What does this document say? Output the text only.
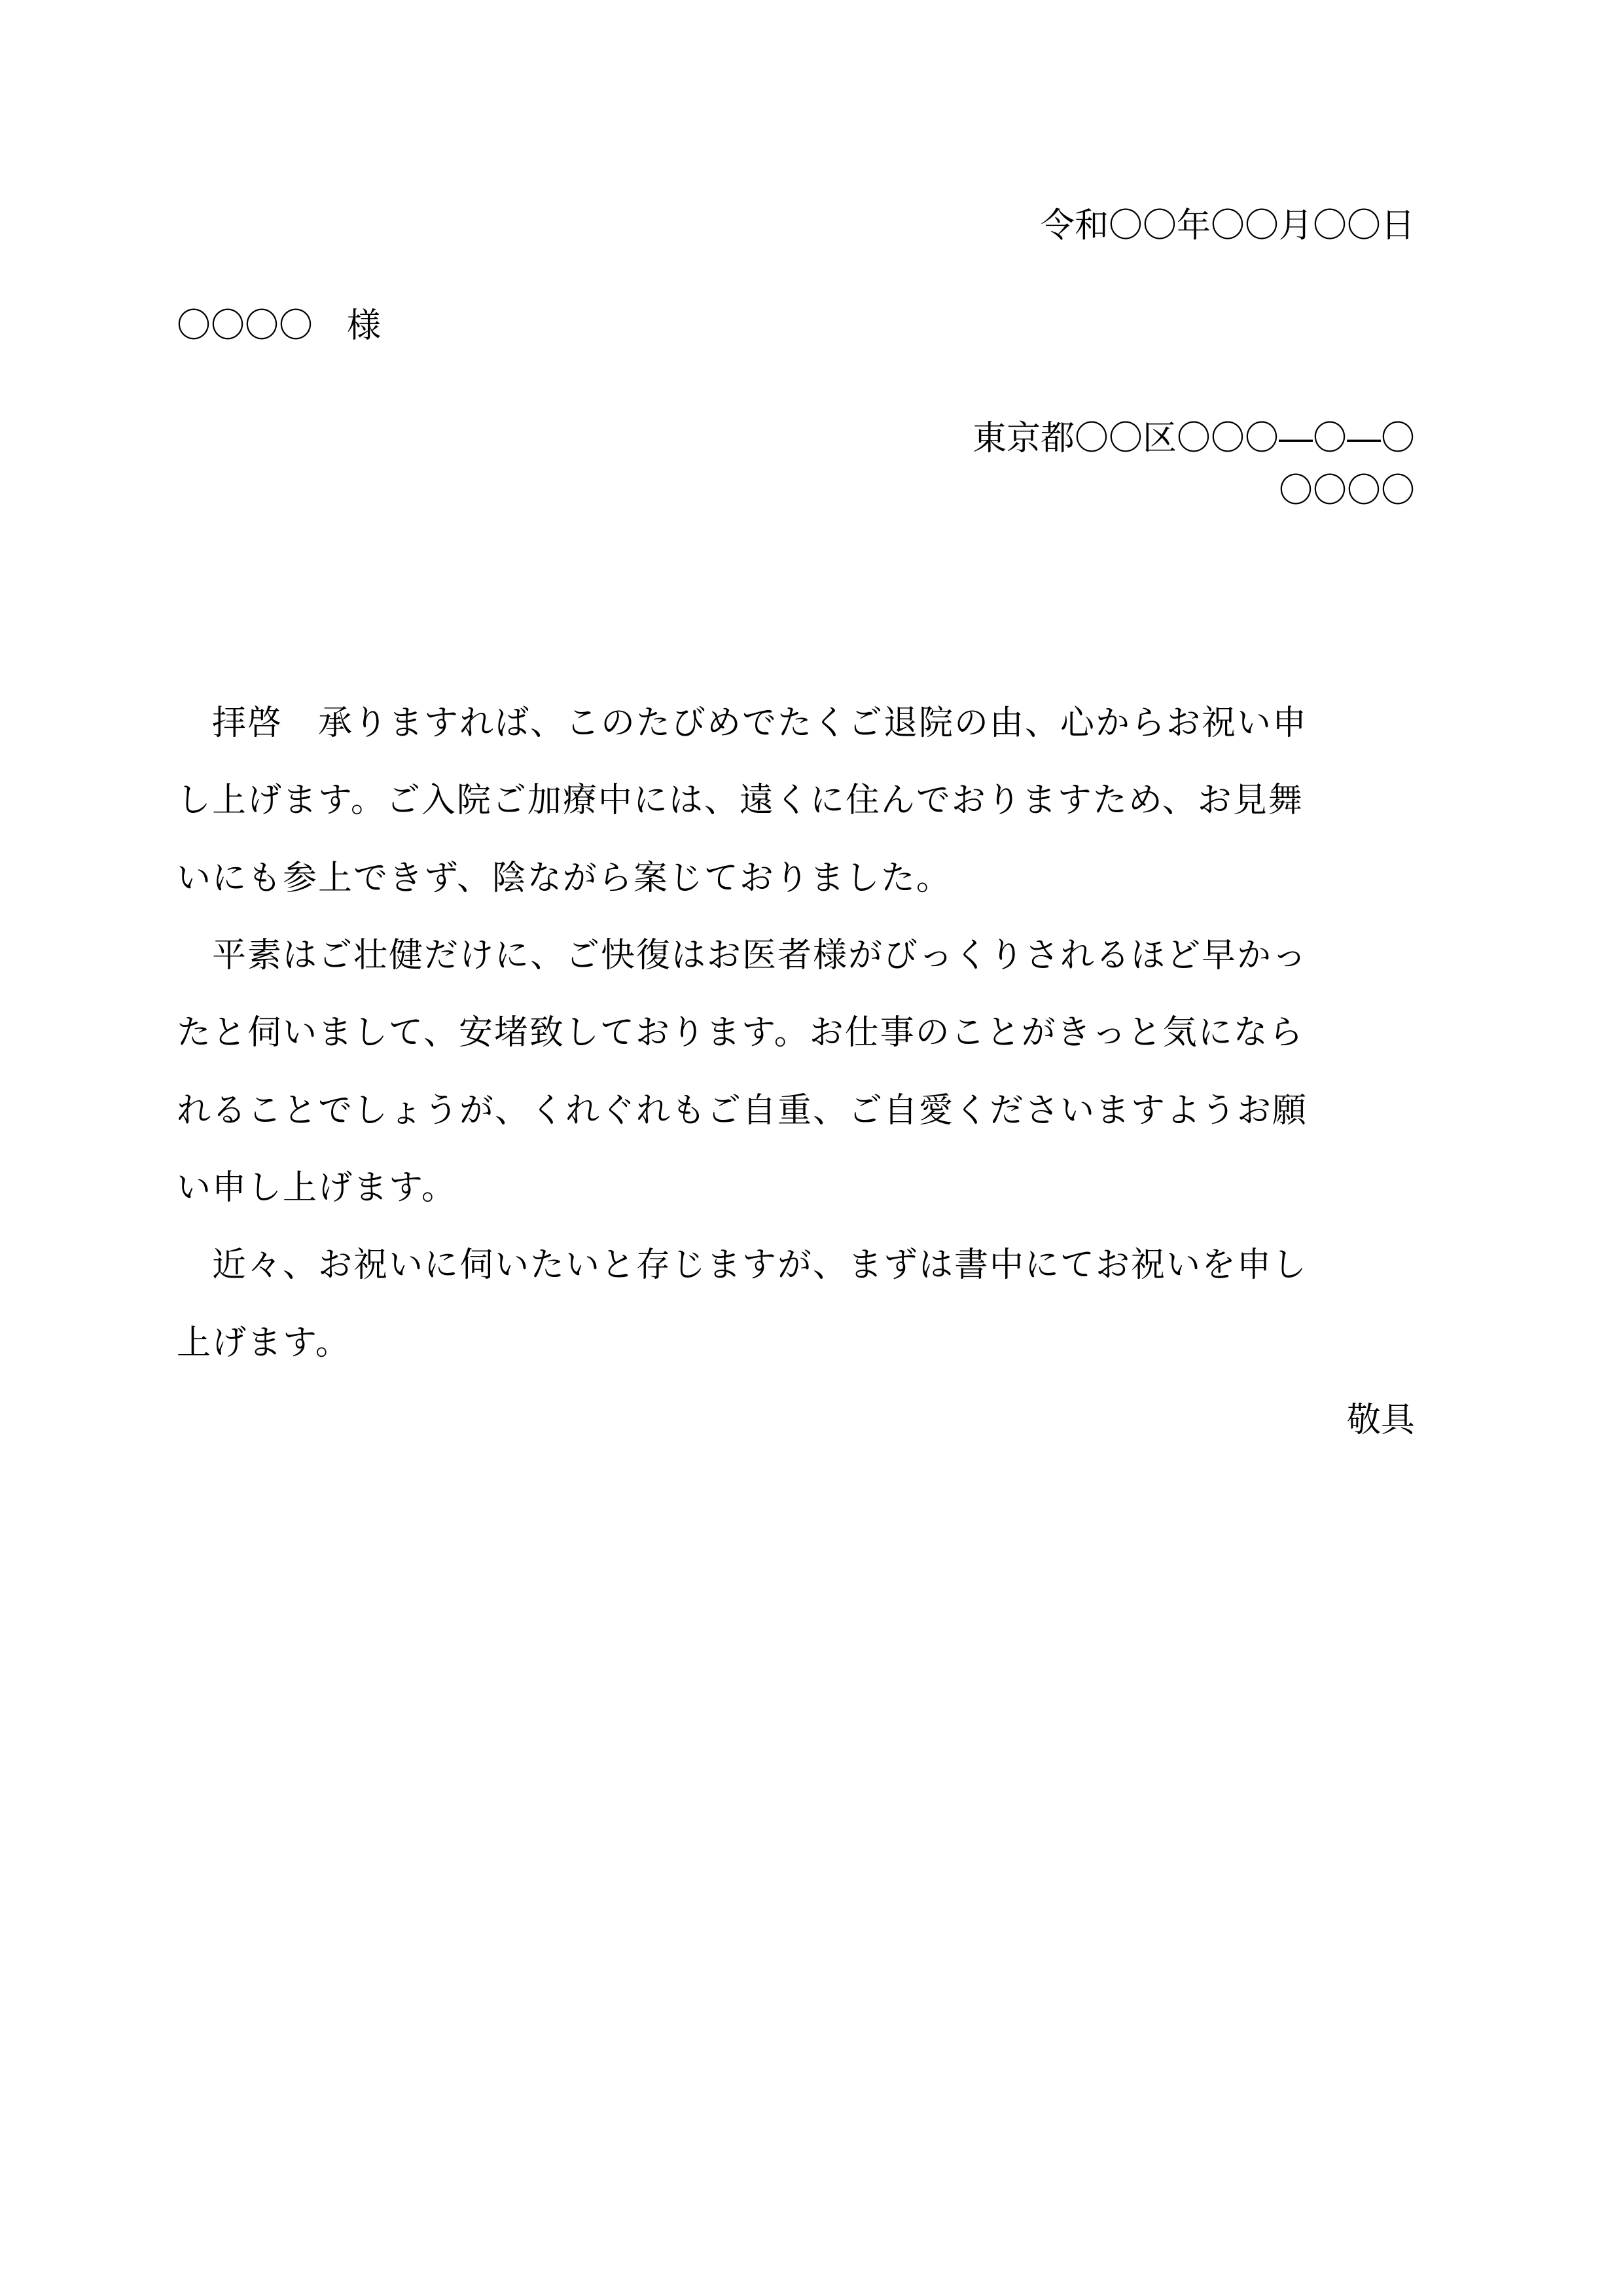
令和〇〇年〇〇月〇〇日

〇〇〇〇　様

東京都〇〇区〇〇〇―〇―〇

〇〇〇〇

　拝啓　承りますれば、このたびめでたくご退院の由、心からお祝い申

し上げます。ご入院ご加療中には、遠くに住んでおりますため、お見舞

いにも参上できず、陰ながら案じておりました。

　平素はご壮健だけに、ご快復はお医者様がびっくりされるほど早かっ

たと伺いまして、安堵致しております。お仕事のことがきっと気になら

れることでしょうが、くれぐれもご自重、ご自愛くださいますようお願

い申し上げます。

　近々、お祝いに伺いたいと存じますが、まずは書中にてお祝いを申し

上げます。

敬具
